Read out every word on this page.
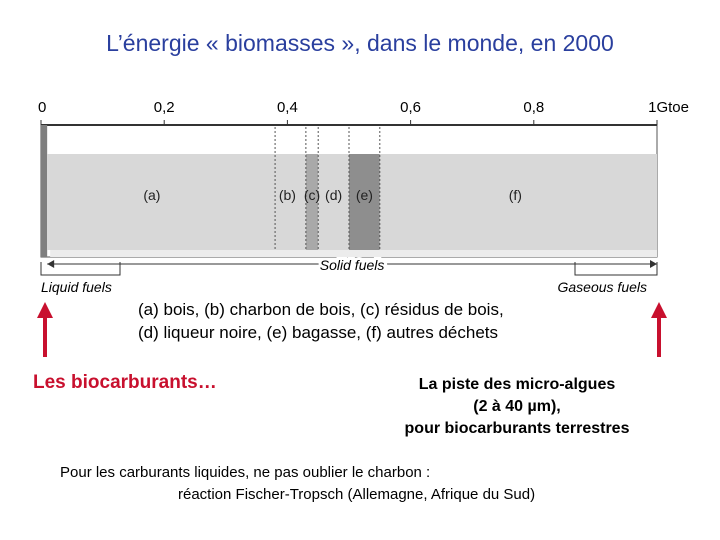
L’énergie « biomasses », dans le monde, en 2000
0	0,2	0,4	0,6	0,8	1Gtoe
(a)	(b) (c) (d) (e)	(f)
Solid fuels
Liquid fuels	Gaseous fuels
(a) bois, (b) charbon de bois, (c) résidus de bois,
(d) liqueur noire, (e) bagasse, (f) autres déchets
Les biocarburants…	La piste des micro-algues
(2 à 40 µm),
pour biocarburants terrestres
Pour les carburants liquides, ne pas oublier le charbon :
réaction Fischer-Tropsch (Allemagne, Afrique du Sud)
